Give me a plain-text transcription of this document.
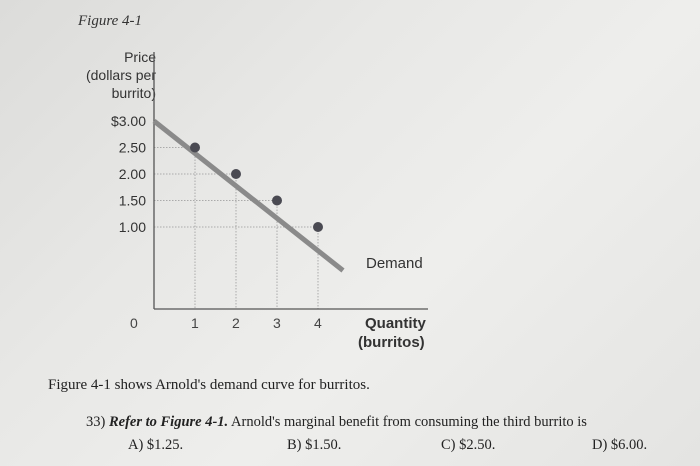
Figure 4-1
Price
(dollars per
burrito)
$3.00
2.50
2.00
1.50
1.00
0	1 2 3 4
Demand
Quantity (burritos)
Figure 4-1 shows Arnold's demand curve for burritos.
33) Refer to Figure 4-1. Arnold's marginal benefit from consuming the third burrito is
A) $1.25.	B) $1.50.	C) $2.50.	D) $6.00.
